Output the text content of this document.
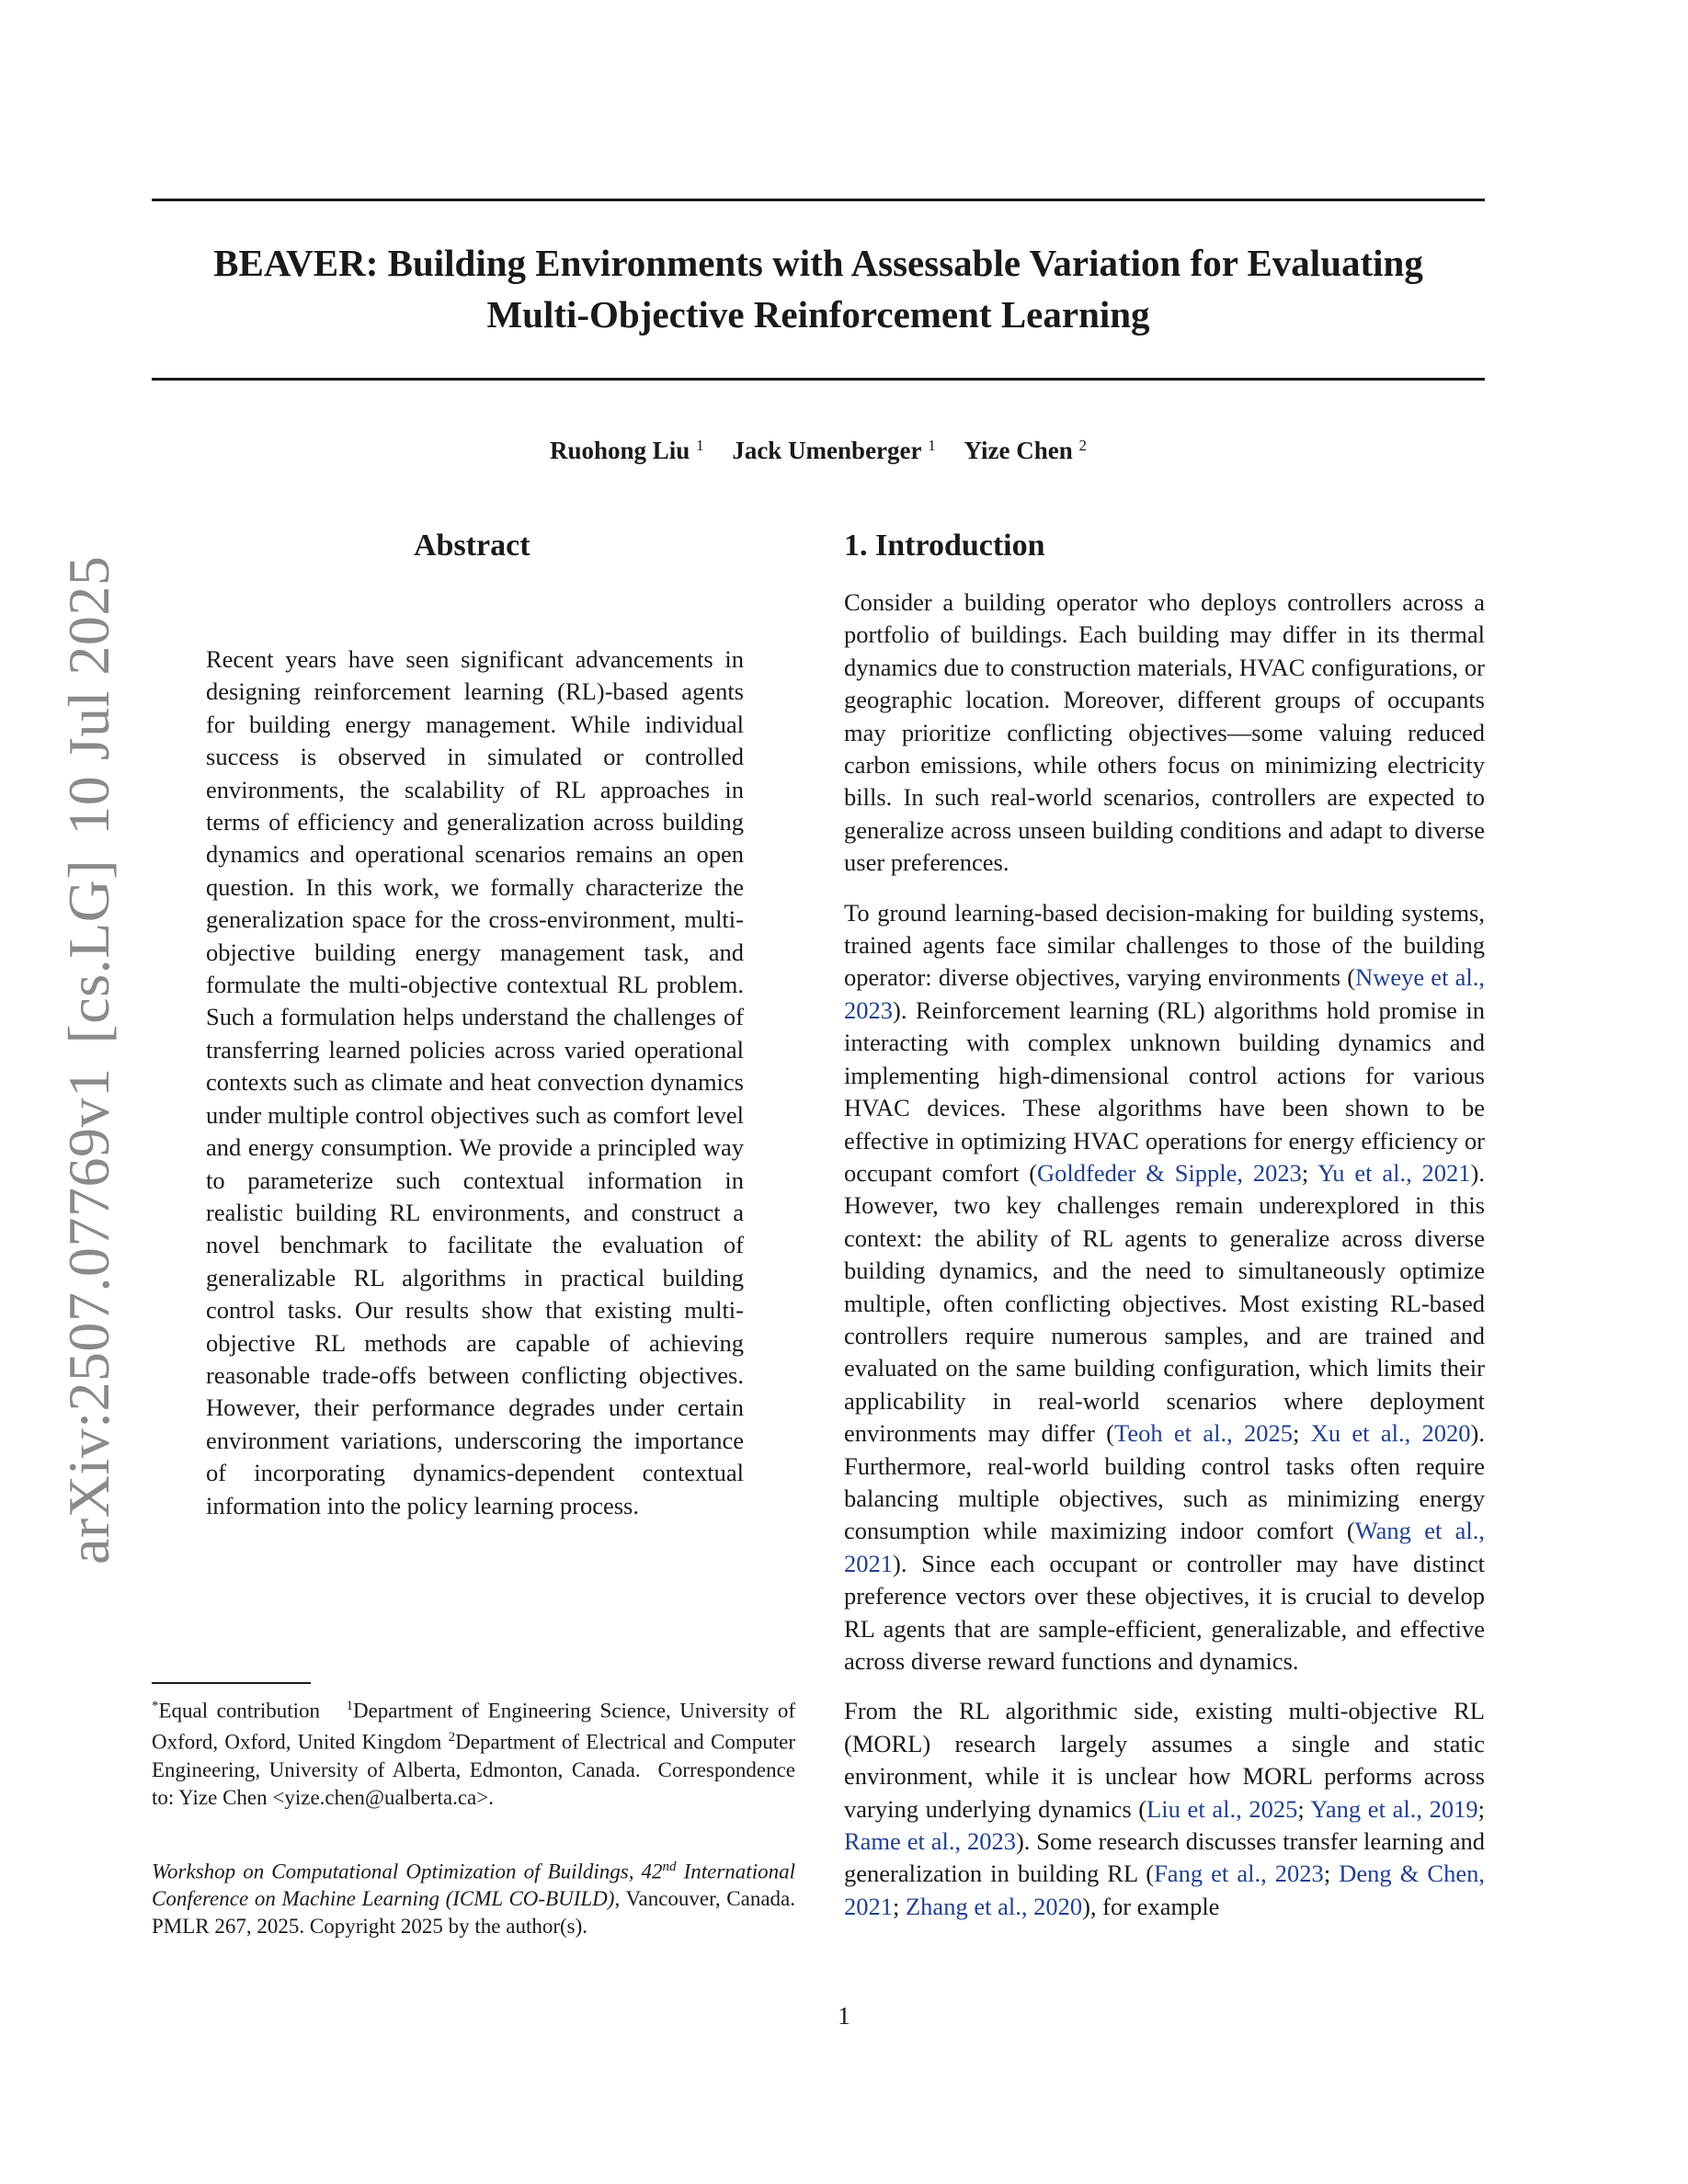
BEAVER: Building Environments with Assessable Variation for Evaluating
Multi-Objective Reinforcement Learning
Ruohong Liu $^1$ Jack Umenberger $^1$ Yize Chen $^2$
arXiv:2507.07769v1[cs.LG]10 Jul 2025
Abstract

Recent years have seen significant advancements in designing reinforcement learning (RL)-based agents for building energy management. While individual success is observed in simulated or controlled environments, the scalability of RL approaches in terms of efficiency and generalization across building dynamics and operational scenarios remains an open question. In this work, we formally characterize the generalization space for the cross-environment, multi-objective building energy management task, and formulate the multi-objective contextual RL problem. Such a formulation helps understand the challenges of transferring learned policies across varied operational contexts such as climate and heat convection dynamics under multiple control objectives such as comfort level and energy consumption. We provide a principled way to parameterize such contextual information in realistic building RL environments, and construct a novel benchmark to facilitate the evaluation of generalizable RL algorithms in practical building control tasks. Our results show that existing multi-objective RL methods are capable of achieving reasonable trade-offs between conflicting objectives. However, their performance degrades under certain environment variations, underscoring the importance of incorporating dynamics-dependent contextual information into the policy learning process.

*Equal contribution $^1$Department of Engineering Science, University of Oxford, Oxford, United Kingdom $^2$Department of Electrical and Computer Engineering, University of Alberta, Edmonton, Canada. Correspondence to: Yize Chen <yize.chen@ualberta.ca>.

Workshop on Computational Optimization of Buildings, 42nd International Conference on Machine Learning (ICML CO-BUILD), Vancouver, Canada. PMLR 267, 2025. Copyright 2025 by the author(s).

1. Introduction

Consider a building operator who deploys controllers across a portfolio of buildings. Each building may differ in its thermal dynamics due to construction materials, HVAC configurations, or geographic location. Moreover, different groups of occupants may prioritize conflicting objectives—some valuing reduced carbon emissions, while others focus on minimizing electricity bills. In such real-world scenarios, controllers are expected to generalize across unseen building conditions and adapt to diverse user preferences.

To ground learning-based decision-making for building systems, trained agents face similar challenges to those of the building operator: diverse objectives, varying environments (Nweye et al., 2023). Reinforcement learning (RL) algorithms hold promise in interacting with complex unknown building dynamics and implementing high-dimensional control actions for various HVAC devices. These algorithms have been shown to be effective in optimizing HVAC operations for energy efficiency or occupant comfort (Goldfeder & Sipple, 2023; Yu et al., 2021). However, two key challenges remain underexplored in this context: the ability of RL agents to generalize across diverse building dynamics, and the need to simultaneously optimize multiple, often conflicting objectives. Most existing RL-based controllers require numerous samples, and are trained and evaluated on the same building configuration, which limits their applicability in real-world scenarios where deployment environments may differ (Teoh et al., 2025; Xu et al., 2020). Furthermore, real-world building control tasks often require balancing multiple objectives, such as minimizing energy consumption while maximizing indoor comfort (Wang et al., 2021). Since each occupant or controller may have distinct preference vectors over these objectives, it is crucial to develop RL agents that are sample-efficient, generalizable, and effective across diverse reward functions and dynamics.

From the RL algorithmic side, existing multi-objective RL (MORL) research largely assumes a single and static environment, while it is unclear how MORL performs across varying underlying dynamics (Liu et al., 2025; Yang et al., 2019; Rame et al., 2023). Some research discusses transfer learning and generalization in building RL (Fang et al., 2023; Deng & Chen, 2021; Zhang et al., 2020), for example

1
